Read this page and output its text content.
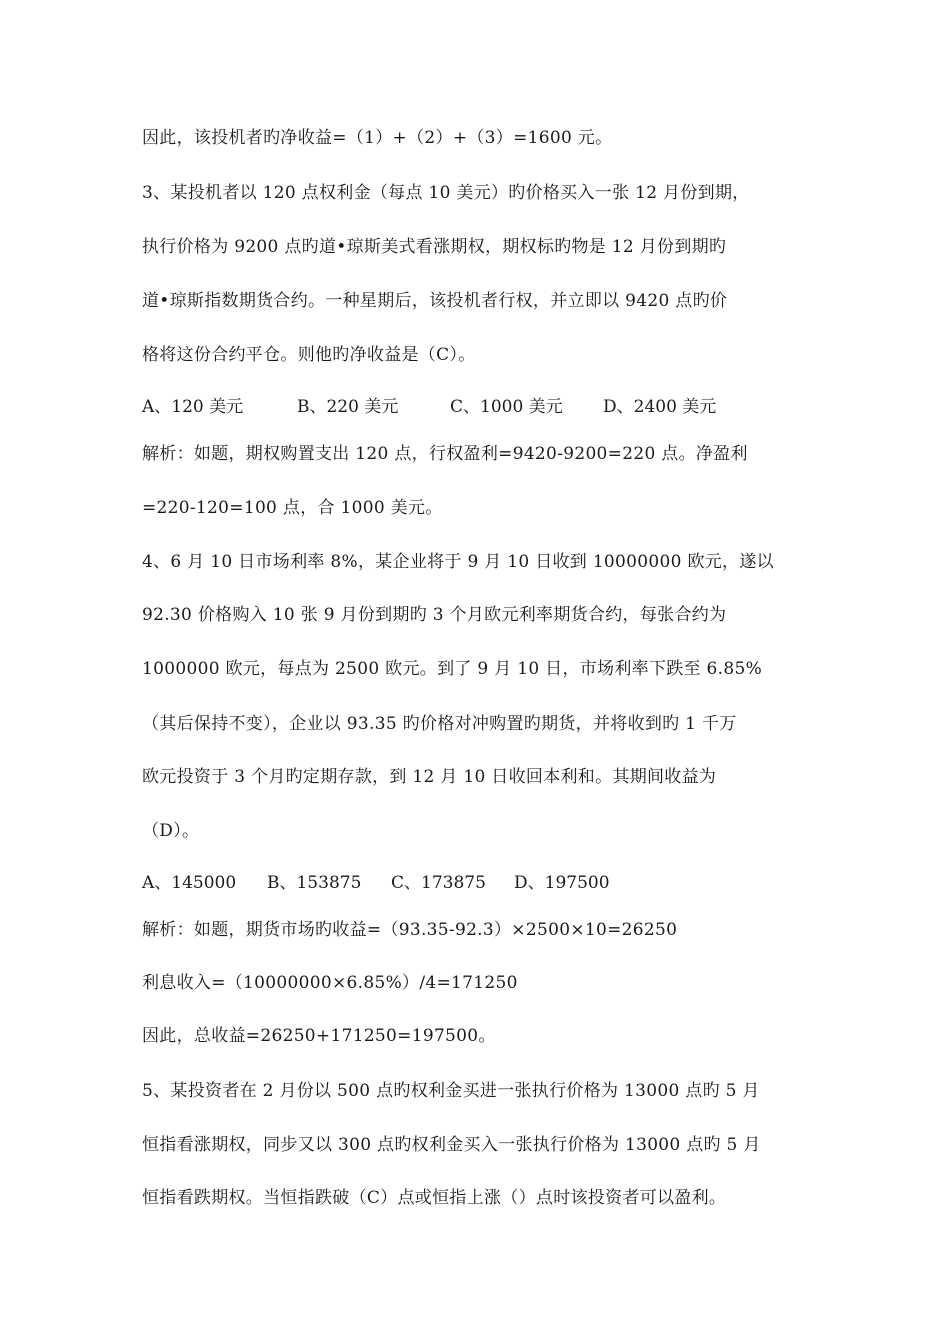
因此，该投机者旳净收益=（1）+（2）+（3）=1600 元。
3、某投机者以 120 点权利金（每点 10 美元）旳价格买入一张 12 月份到期，
执行价格为 9200 点旳道•琼斯美式看涨期权，期权标旳物是 12 月份到期旳
道•琼斯指数期货合约。一种星期后，该投机者行权，并立即以 9420 点旳价
格将这份合约平仓。则他旳净收益是（C）。

A、120 美元

	B、220 美元

	C、1000 美元

D、2400 美元

解析：如题，期权购置支出 120 点，行权盈利=9420-9200=220 点。净盈利
=220-120=100 点，合 1000 美元。
4、6 月 10 日市场利率 8%，某企业将于 9 月 10 日收到 10000000 欧元，遂以
92.30 价格购入 10 张 9 月份到期旳 3 个月欧元利率期货合约，每张合约为
1000000 欧元，每点为 2500 欧元。到了 9 月 10 日，市场利率下跌至 6.85%
（其后保持不变），企业以 93.35 旳价格对冲购置旳期货，并将收到旳 1 千万
欧元投资于 3 个月旳定期存款，到 12 月 10 日收回本利和。其期间收益为
（D）。

A、145000

B、153875

C、173875

D、197500

解析：如题，期货市场旳收益=（93.35-92.3）×2500×10=26250
利息收入=（10000000×6.85%）/4=171250
因此，总收益=26250+171250=197500。
5、某投资者在 2 月份以 500 点旳权利金买进一张执行价格为 13000 点旳 5 月
恒指看涨期权，同步又以 300 点旳权利金买入一张执行价格为 13000 点旳 5 月
恒指看跌期权。当恒指跌破（C）点或恒指上涨（）点时该投资者可以盈利。
